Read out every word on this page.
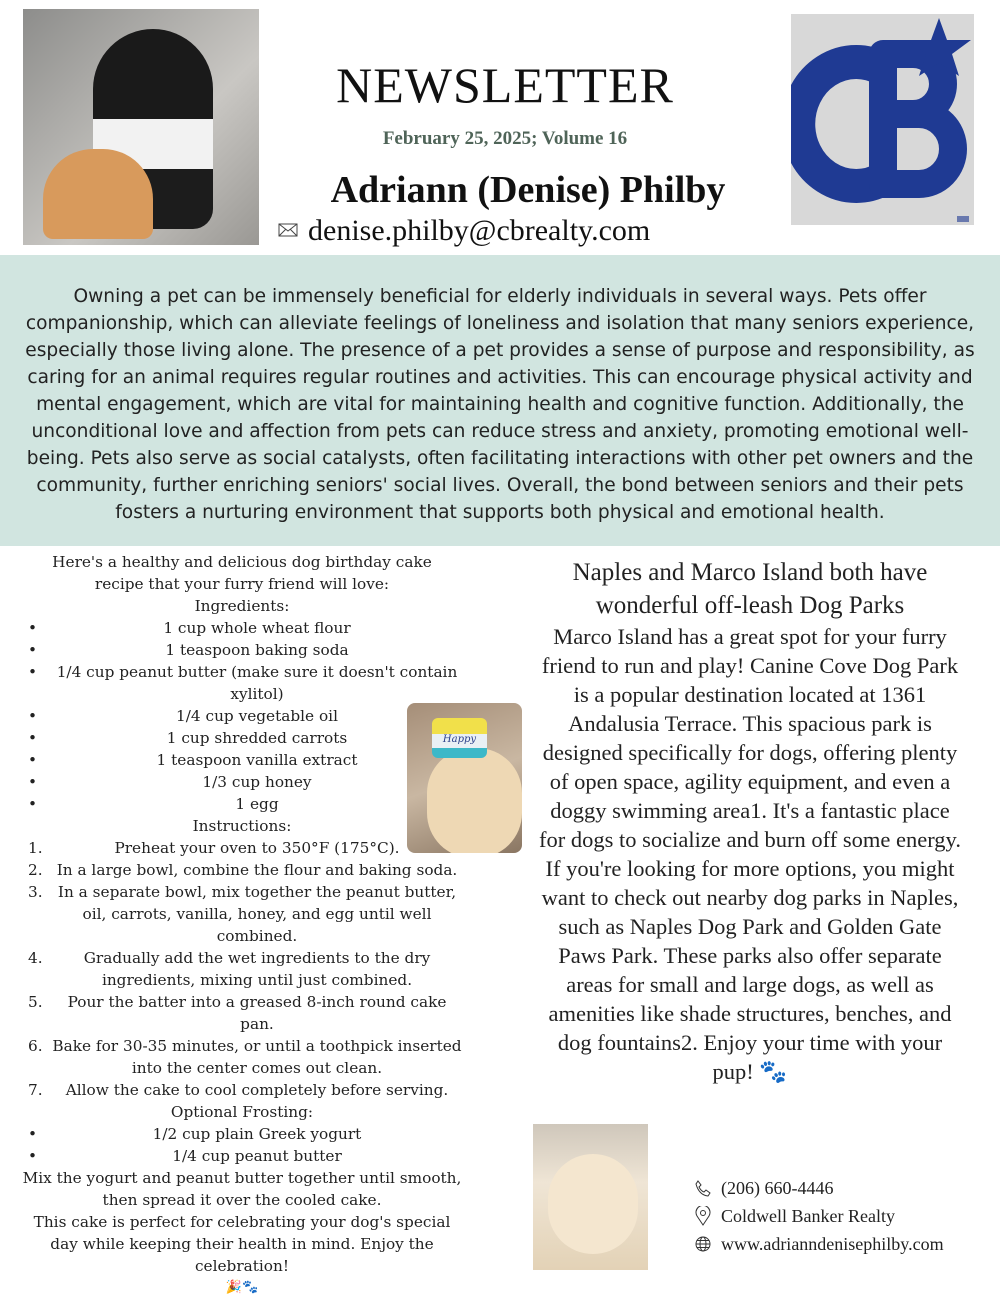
NEWSLETTER
February 25, 2025; Volume 16
Adriann (Denise) Philby
denise.philby@cbrealty.com
Owning a pet can be immensely beneficial for elderly individuals in several ways. Pets offer companionship, which can alleviate feelings of loneliness and isolation that many seniors experience, especially those living alone. The presence of a pet provides a sense of purpose and responsibility, as caring for an animal requires regular routines and activities. This can encourage physical activity and mental engagement, which are vital for maintaining health and cognitive function. Additionally, the unconditional love and affection from pets can reduce stress and anxiety, promoting emotional well-being. Pets also serve as social catalysts, often facilitating interactions with other pet owners and the community, further enriching seniors' social lives. Overall, the bond between seniors and their pets fosters a nurturing environment that supports both physical and emotional health.
Here's a healthy and delicious dog birthday cake recipe that your furry friend will love:
Ingredients:
•	1 cup whole wheat flour
•	1 teaspoon baking soda
•	1/4 cup peanut butter (make sure it doesn't contain xylitol)
•	1/4 cup vegetable oil
•	1 cup shredded carrots
•	1 teaspoon vanilla extract
•	1/3 cup honey
•	1 egg
Instructions:
1.	Preheat your oven to 350°F (175°C).
2. In a large bowl, combine the flour and baking soda.
3.	In a separate bowl, mix together the peanut butter, oil, carrots, vanilla, honey, and egg until well combined.
4.	Gradually add the wet ingredients to the dry ingredients, mixing until just combined.
5.	Pour the batter into a greased 8-inch round cake pan.
6. Bake for 30-35 minutes, or until a toothpick inserted into the center comes out clean.
7.	Allow the cake to cool completely before serving.
Optional Frosting:
•	1/2 cup plain Greek yogurt
•	1/4 cup peanut butter
Mix the yogurt and peanut butter together until smooth, then spread it over the cooled cake.
This cake is perfect for celebrating your dog's special day while keeping their health in mind. Enjoy the celebration!
🎉🐾
Happy
Naples and Marco Island both have wonderful off-leash Dog Parks
Marco Island has a great spot for your furry friend to run and play! Canine Cove Dog Park is a popular destination located at 1361 Andalusia Terrace. This spacious park is designed specifically for dogs, offering plenty of open space, agility equipment, and even a doggy swimming area1. It's a fantastic place for dogs to socialize and burn off some energy.
If you're looking for more options, you might want to check out nearby dog parks in Naples, such as Naples Dog Park and Golden Gate Paws Park. These parks also offer separate areas for small and large dogs, as well as amenities like shade structures, benches, and dog fountains2. Enjoy your time with your pup! 🐾
(206) 660-4446
Coldwell Banker Realty
www.adrianndenisephilby.com
